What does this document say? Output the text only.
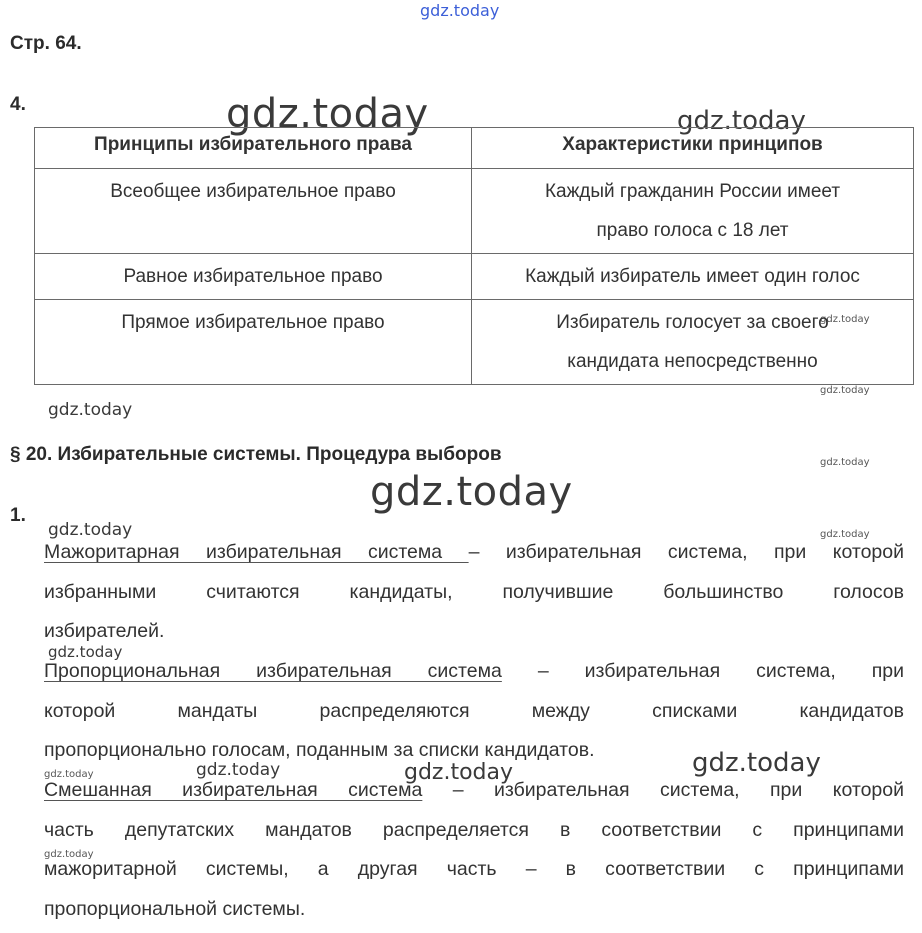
gdz.today
gdz.today	gdz.today
gdz.today
gdz.today
gdz.today
gdz.today
gdz.today
gdz.today	gdz.today
gdz.today
gdz.today
gdz.today	gdz.today
gdz.today
gdz.today
Стр. 64.
4.
Принципы избирательного права	Характеристики принципов
Всеобщее избирательное право	Каждый гражданин России имеет
право голоса с 18 лет
Равное избирательное право	Каждый избиратель имеет один голос
Прямое избирательное право	Избиратель голосует за своего
кандидата непосредственно
§ 20. Избирательные системы. Процедура выборов
1.
Мажоритарная избирательная система – избирательная система, при которой
избранными считаются кандидаты, получившие большинство голосов
избирателей.
Пропорциональная избирательная система – избирательная система, при
которой мандаты распределяются между списками кандидатов
пропорционально голосам, поданным за списки кандидатов.
Смешанная избирательная система – избирательная система, при которой
часть депутатских мандатов распределяется в соответствии с принципами
мажоритарной системы, а другая часть – в соответствии с принципами
пропорциональной системы.
